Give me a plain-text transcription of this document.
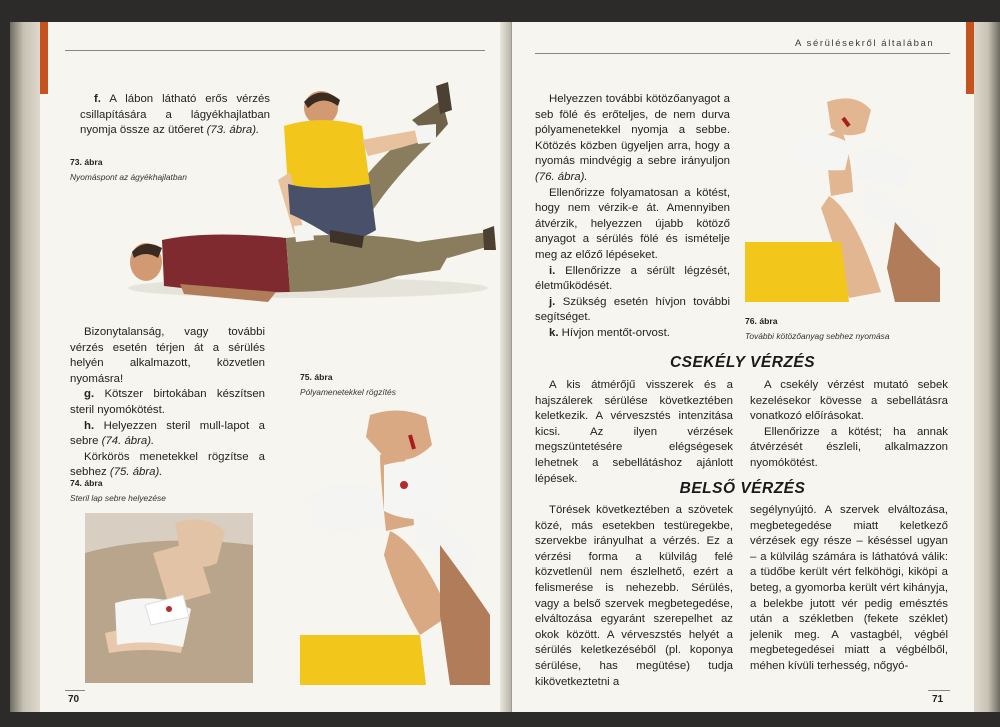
f. A lábon látható erős vérzés csillapítására a lágyékhajlatban nyomja össze az ütőeret (73. ábra).

73. ábra
Nyomáspont az ágyékhajlatban

Bizonytalanság, vagy további vérzés esetén térjen át a sérülés helyén alkalmazott, közvetlen nyomásra!

g. Kötszer birtokában készítsen steril nyomókötést.

h. Helyezzen steril mull-lapot a sebre (74. ábra).

Körkörös menetekkel rögzítse a sebhez (75. ábra).

75. ábra
Pólyamenetekkel rögzítés
74. ábra
Steril lap sebre helyezése
70
A sérülésekről általában

Helyezzen további kötözőanyagot a seb fölé és erőteljes, de nem durva pólyamenetekkel nyomja a sebbe. Kötözés közben ügyeljen arra, hogy a nyomás mindvégig a sebre irányuljon (76. ábra).

Ellenőrizze folyamatosan a kötést, hogy nem vérzik-e át. Amennyiben átvérzik, helyezzen újabb kötöző anyagot a sérülés fölé és ismételje meg az előző lépéseket.

i. Ellenőrizze a sérült légzését, életműködését.

j. Szükség esetén hívjon további segítséget.

k. Hívjon mentőt-orvost.

76. ábra
További kötözőanyag sebhez nyomása
CSEKÉLY VÉRZÉS

A kis átmérőjű visszerek és a hajszálerek sérülése következtében keletkezik. A vérveszstés intenzitása kicsi. Az ilyen vérzések megszüntetésére elégségesek lehetnek a sebellátáshoz ajánlott lépések.

A csekély vérzést mutató sebek kezelésekor kövesse a sebellátásra vonatkozó előírásokat.

Ellenőrizze a kötést; ha annak átvérzését észleli, alkalmazzon nyomókötést.

BELSŐ VÉRZÉS

Törések következtében a szövetek közé, más esetekben testüregekbe, szervekbe irányulhat a vérzés. Ez a vérzési forma a külvilág felé közvetlenül nem észlelhető, ezért a felismerése is nehezebb. Sérülés, vagy a belső szervek megbetegedése, elváltozása egyaránt szerepelhet az okok között. A vérveszstés helyét a sérülés keletkezéséből (pl. koponya sérülése, has megütése) tudja kikövetkeztetni a

segélynyújtó. A szervek elváltozása, megbetegedése miatt keletkező vérzések egy része – késéssel ugyan – a külvilág számára is láthatóvá válik: a tüdőbe került vért felköhögi, kiköpi a beteg, a gyomorba került vért kihányja, a belekbe jutott vér pedig emésztés után a székletben (fekete széklet) jelenik meg. A vastagbél, végbél megbetegedései miatt a végbélből, méhen kívüli terhesség, nőgyó-

71
